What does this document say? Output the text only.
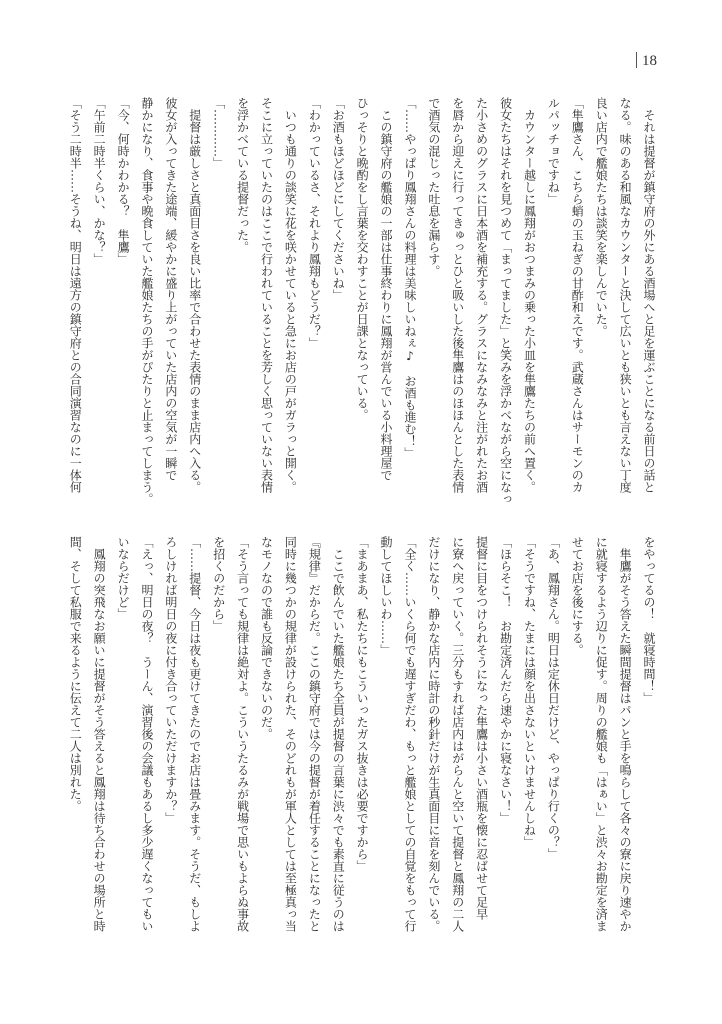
18
　それは提督が鎮守府の外にある酒場へと足を運ぶことになる前日の話と
なる。味のある和風なカウンターと決して広いとも狭いとも言えない丁度
良い店内で艦娘たちは談笑を楽しんでいた。
「隼鷹さん、こちら蛸の玉ねぎの甘酢和えです。武蔵さんはサーモンのカ
ルパッチョですね」
　カウンター越しに鳳翔がおつまみの乗った小皿を隼鷹たちの前へ置く。
彼女たちはそれを見つめて「まってました」と笑みを浮かべながら空になっ
た小さめのグラスに日本酒を補充する。グラスになみなみと注がれたお酒
を唇から迎えに行ってきゅっとひと吸いした後隼鷹はのほほんとした表情
で酒気の混じった吐息を漏らす。
「……やっぱり鳳翔さんの料理は美味しいねぇ♪　お酒も進む！」
　この鎮守府の艦娘の一部は仕事終わりに鳳翔が営んでいる小料理屋で
ひっそりと晩酌をし言葉を交わすことが日課となっている。
「お酒もほどほどにしてくださいね」
「わかっているさ、それより鳳翔もどうだ？」
　いつも通りの談笑に花を咲かせていると急にお店の戸がガラっと開く。
そこに立っていたのはここで行われていることを芳しく思っていない表情
を浮かべている提督だった。
「…………」
　提督は厳しさと真面目さを良い比率で合わせた表情のまま店内へ入る。
彼女が入ってきた途端、緩やかに盛り上がっていた店内の空気が一瞬で
静かになり、食事や晩食していた艦娘たちの手がぴたりと止まってしまう。
「今、何時かわかる？　隼鷹」
「午前二時半くらい、かな？」
「そう二時半……そうね、明日は遠方の鎮守府との合同演習なのに一体何
をやってるの！　就寝時間！」
　隼鷹がそう答えた瞬間提督はパンと手を鳴らして各々の寮に戻り速やか
に就寝するよう辺りに促す。周りの艦娘も「はぁい」と渋々お勘定を済ま
せてお店を後にする。
「あ、鳳翔さん。明日は定休日だけど、やっぱり行くの？」
「そうですね、たまには顔を出さないといけませんしね」
「ほらそこ！　お勘定済んだら速やかに寝なさい！」
提督に目をつけられそうになった隼鷹は小さい酒瓶を懐に忍ばせて足早
に寮へ戻っていく。三分もすれば店内はがらんと空いて提督と鳳翔の二人
だけになり、静かな店内に時計の秒針だけが生真面目に音を刻んでいる。
「全く……いくら何でも遅すぎだわ、もっと艦娘としての自覚をもって行
動してほしいわ……」
「まあまあ、私たちにもこういったガス抜きは必要ですから」
　ここで飲んでいた艦娘たち全員が提督の言葉に渋々でも素直に従うのは
『規律』だからだ。ここの鎮守府では今の提督が着任することになったと
同時に幾つかの規律が設けられた、そのどれもが軍人としては至極真っ当
なモノなので誰も反論できないのだ。
「そう言っても規律は絶対よ。こういうたるみが戦場で思いもよらぬ事故
を招くのだから」
「……提督、今日は夜も更けてきたのでお店は畳みます。そうだ、もしよ
ろしければ明日の夜に付き合っていただけますか？」
「えっ、明日の夜？　うーん、演習後の会議もあるし多少遅くなってもい
いならだけど」
　鳳翔の突飛なお願いに提督がそう答えると鳳翔は待ち合わせの場所と時
間、そして私服で来るように伝えて二人は別れた。
